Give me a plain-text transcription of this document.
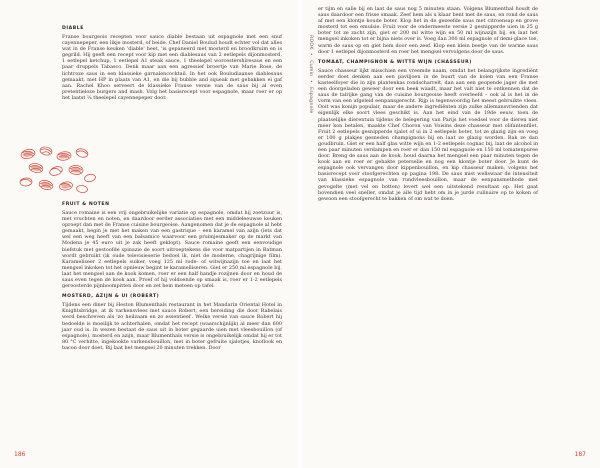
DIABLE

Franse bourgeois recepten voor sauce diable bestaan uit espagnole met een snuf cayennepeper, een likje mosterd, of beide. Chef Daniel Boulud houdt echter vol dat alles wat in de Franse keuken 'diable' heet, 'is gepaneerd met mosterd en broodkruim en is gegrild. Hij geeft een recept voor kip met een diablesaus van 2 eetlepels dijonmosterd, 1 eetlepel ketchup, 1 eetlepel A1 steak sauce, 1 theelepel worcestershiresaus en een paar druppels Tabasco. Denk maar aan een agressief broertje van Marie Rose, de lichtroze saus in een klassieke garnalencocktail. In het ook Bouludiaanse diablesaus gemaakt, met HP in plaats van A1, en die bij bubble and squeak met gebakken ei gaf aan. Rachel Khoo serveert de klassieke Franse versie van de saus bij al even pretentieloze burgers and mash. Volg het basisrecept voor espagnole, maar roer er op het laatst ¼ theelepel cayennepeper door.

FRUIT & NOTEN

Sauce romaine is een vrij ongebruikelijke variatie op espagnole, omdat hij zoetzuur is, met vruchten en noten, en daardoor eerder associaties met een middeleeuwse keuken oproept dan met de Franse cuisine bourgeoise. Aangenomen dat je de espagnole al hebt gemaakt, begin je met het maken van een gastrique – een karamel van azijn (iets dat wel een weg heeft van een balsamico waarvoor een pruimjesmaker op de markt van Modena je 45 euro uit je zak heeft geklopt). Sauce romaine geeft een eenvoudige biefstuk met gestoofde spinazie de soort uitroeptekens die voor matpartijen in Batman wordt gebruikt (ik oude televisieserie bedoel ik, niet de moderne, chagrijnige film). Karameliseer 2 eetlepels suiker, voeg 125 ml rode- of witwijnazijn toe en laat het mengsel inkoken tot het opnieuw begint te karamelliseren. Giet er 250 ml espagnole bij, laat het mengsel aan de kook komen, roer er een half handje rozijnen door en houd de saus even tegen de kook aan. Proef of hij voldoende op smaak is, roer er 1-2 eetlepels geroosterde pijnboompitten door en zet hem meteen op tafel.

MOSTERD, AZIJN & UI (ROBERT)

Tijdens een diner bij Heston Blumenthals restaurant in het Mandarin Oriental Hotel in Knightsbridge, at ik varkensvlees met sauce Robert, een bereiding die door Rabelais werd beschreven als 'zo heilzaam en zo essentieel'. Welke versie van sauce Robert hij bedoelde is moeilijk te achterhalen, omdat het recept (waarschijnlijk) al meer dan 600 jaar oud is. In wezen bestaat de saus uit in boter gegaarde uien met vleesbouillon (of espagnole), mosterd en azijn, maar Blumenthals versie is ongebruikelijk omdat hij er tot 80 °C verhitte, ingekookte varkensbouillon, met in boter gefruite sjalotjes, knoflook en bacon door doet. Bij laat het mengsel 20 minuten trekken. Door

186	187
ROOK • Cumin • Espagnole

er tijm en salie bij en laat de saus nog 5 minuten staan. Volgens Blumenthal houdt de saus daardoor een frisse smaak. Zeef hem als u klaar bent met de saus, en rond de saus af met een klontje koude boter. Klop het in de gezeefde saus met citroensap en grove mosterd tot een emulsie. Fruit voor de ondermeeste versie 2 gesnipperde uien in 25 g boter tot ze zacht zijn, giet er 200 ml witte wijn en 50 ml wijnazijn bij, en laat het mengsel inkoken tot er bijna niets over is. Voeg dan 300 ml espagnole of demi-glace toe, warm de saus op en giet hem door een zeef. Klop een klein beetje van de warme saus door 1 eetlepel dijonmosterd en roer het mengsel vervolgens door de saus.

TOMAAT, CHAMPIGNON & WITTE WIJN (CHASSEUR)

Sauce chasseur lijkt misschien een vreemde naam, omdat het belangrijkste ingrediënt eerder doet denken aan een paviljoen in de buurt van de kolen van een Franse kasteelfoyer die in zijn plantenkas rondscharrelt, dan aan een geopende jager die met een doorgeladen geweer door een beek waadt, maar het valt niet te ontkennen dat de saus de talrijke gang van de cuisine bourgeoise heeft overleefd – ook al is het in de vorm van een afgeleid eenpansgerecht. Rijp is tegenwoordig het meest gebruikte vlees. Ooit was konijn populair, maar de andere ingrediënten zijn zulke allemansvrienden dat eigenlijk elke soort vlees geschikt is. Aan het eind van de 19de eeuw, toen de plaatselijke dierentuin tijdens de belegering van Parijs het voedsel voor de dieren niet meer kon betalen, maakte Chef Choron van Voisins deze chasseur met olifantenfilet. Fruit 2 eetlepels gesnipperde sjalot of ui in 2 eetlepels boter, tot ze glazig zijn en voeg er 100 g plakjes gesneden champignons bij en laat ze glazig worden. Bak ze dan goudbruin. Giet er een half glas witte wijn en 1-2 eetlepels cognac bij, laat de alcohol in een paar minuten verdampen en roer er dan 150 ml espagnole en 150 ml tomatenpuree door. Breng de saus aan de kook, houd daarna het mengsel een paar minuten tegen de kook aan en roer er gehakte peterselie en nog een klontje boter door. Je kunt de espagnole ook vervangen door kippenbouillon, en kip chasseur maken, volgens het basisrecept voor stoofgerechten op pagina 198. De saus mist wellswaar de intensiteit van klassieke espagnole van rundvleesbouillon, maar de eenpansmethode met gevogelte (met vel en botten) levert wel een uitstekend resultaat op. Het gaat bovendien veel sneller, omdat je alle tijd hebt om in je jurde culinaire op te koken of gewoon een stoofgerecht te bakken of om wat te doen.
